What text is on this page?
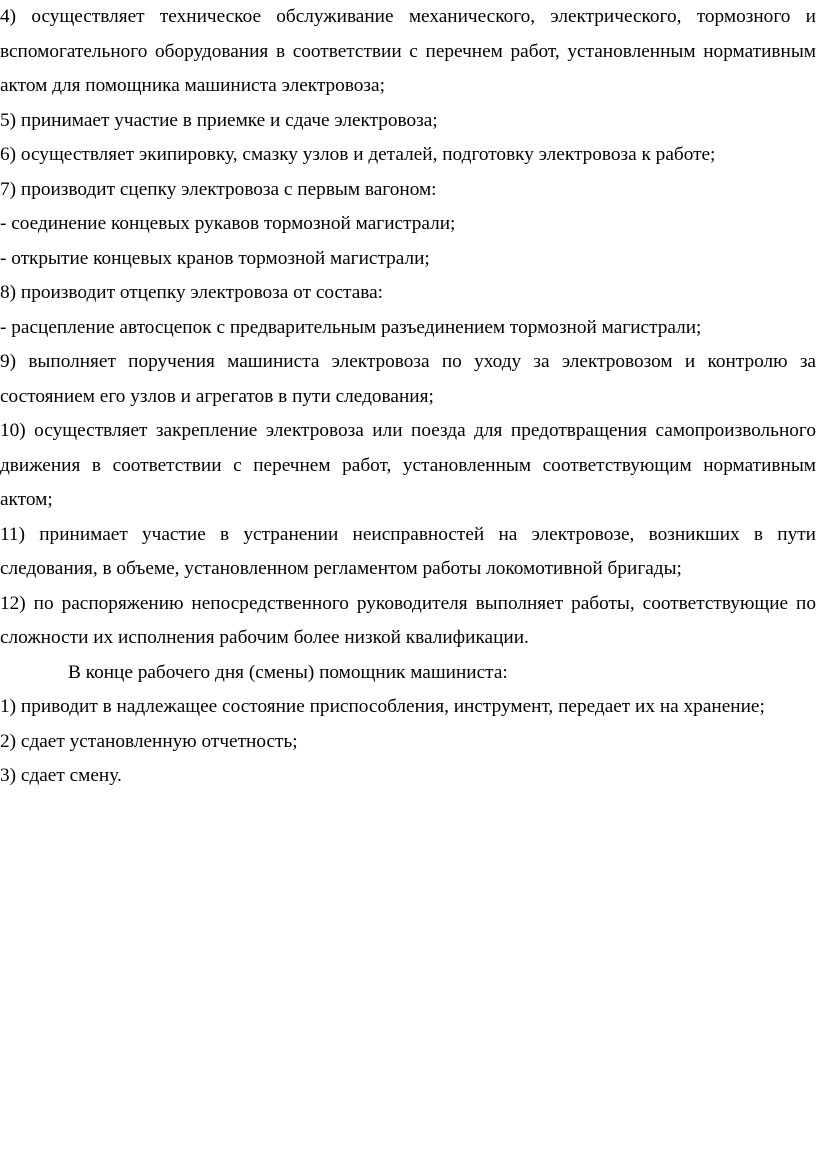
4) осуществляет техническое обслуживание механического, электрического, тормозного и вспомогательного оборудования в соответствии с перечнем работ, установленным нормативным актом для помощника машиниста электровоза;

5) принимает участие в приемке и сдаче электровоза;

6) осуществляет экипировку, смазку узлов и деталей, подготовку электровоза к работе;

7) производит сцепку электровоза с первым вагоном:

- соединение концевых рукавов тормозной магистрали;

- открытие концевых кранов тормозной магистрали;

8) производит отцепку электровоза от состава:

- расцепление автосцепок с предварительным разъединением тормозной магистрали;

9) выполняет поручения машиниста электровоза по уходу за электровозом и контролю за состоянием его узлов и агрегатов в пути следования;

10) осуществляет закрепление электровоза или поезда для предотвращения самопроизвольного движения в соответствии с перечнем работ, установленным соответствующим нормативным актом;

11) принимает участие в устранении неисправностей на электровозе, возникших в пути следования, в объеме, установленном регламентом работы локомотивной бригады;

12) по распоряжению непосредственного руководителя выполняет работы, соответствующие по сложности их исполнения рабочим более низкой квалификации.

В конце рабочего дня (смены) помощник машиниста:

1) приводит в надлежащее состояние приспособления, инструмент, передает их на хранение;

2) сдает установленную отчетность;

3) сдает смену.
